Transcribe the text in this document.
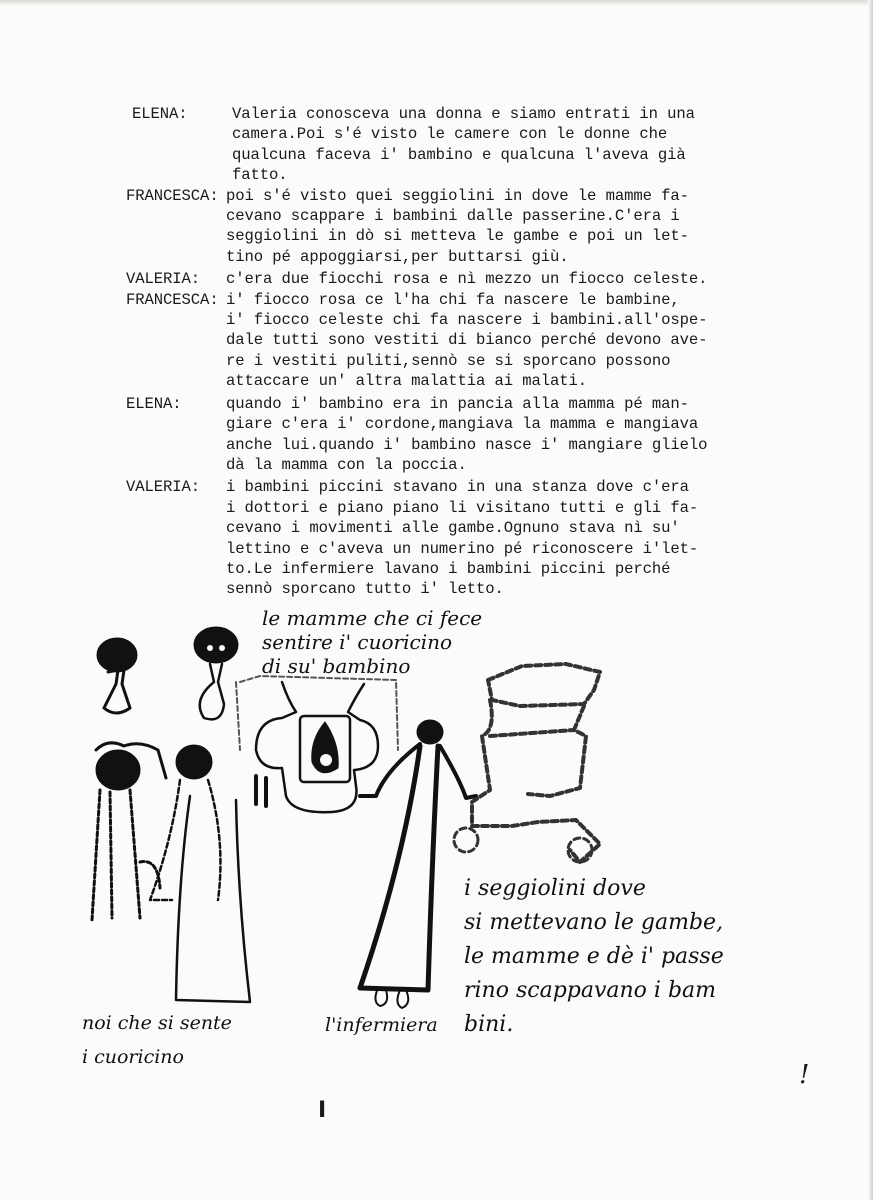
ELENA:	Valeria conosceva una donna e siamo entrati in una
camera.Poi s'é visto le camere con le donne che
qualcuna faceva i' bambino e qualcuna l'aveva già
fatto.
FRANCESCA: poi s'é visto quei seggiolini in dove le mamme fa-
cevano scappare i bambini dalle passerine.C'era i
seggiolini in dò si metteva le gambe e poi un let-
tino pé appoggiarsi,per buttarsi giù.
VALERIA:	c'era due fiocchi rosa e nì mezzo un fiocco celeste.
FRANCESCA: i' fiocco rosa ce l'ha chi fa nascere le bambine,
i' fiocco celeste chi fa nascere i bambini.all'ospe-
dale tutti sono vestiti di bianco perché devono ave-
re i vestiti puliti,sennò se si sporcano possono
attaccare un' altra malattia ai malati.
ELENA:	quando i' bambino era in pancia alla mamma pé man-
giare c'era i' cordone,mangiava la mamma e mangiava
anche lui.quando i' bambino nasce i' mangiare glielo
dà la mamma con la poccia.
VALERIA:	i bambini piccini stavano in una stanza dove c'era
i dottori e piano piano li visitano tutti e gli fa-
cevano i movimenti alle gambe.Ognuno stava nì su'
lettino e c'aveva un numerino pé riconoscere i'let-
to.Le infermiere lavano i bambini piccini perché
sennò sporcano tutto i' letto.
le mamme che ci fece
sentire i' cuoricino
di su' bambino
i seggiolini dove
si mettevano le gambe,
le mamme e dè i' passe
rino scappavano i bam
bini.
noi che si sente
i cuoricino
l'infermiera
!
I
